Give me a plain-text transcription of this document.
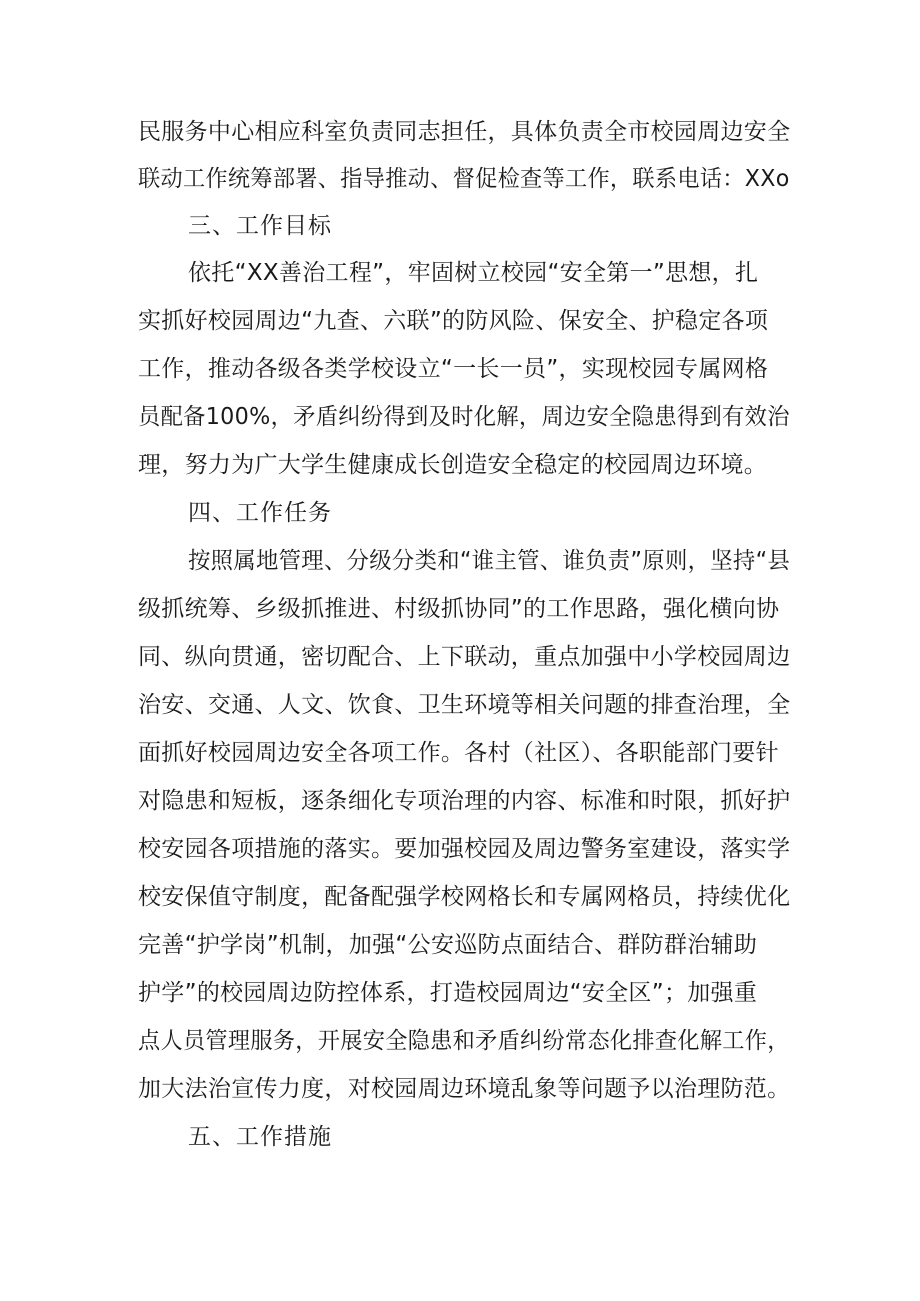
民服务中心相应科室负责同志担任，具体负责全市校园周边安全
联动工作统筹部署、指导推动、督促检查等工作，联系电话：XXo
三、工作目标
依托“XX善治工程”，牢固树立校园“安全第一”思想，扎
实抓好校园周边“九查、六联”的防风险、保安全、护稳定各项
工作，推动各级各类学校设立“一长一员”，实现校园专属网格
员配备100%，矛盾纠纷得到及时化解，周边安全隐患得到有效治
理，努力为广大学生健康成长创造安全稳定的校园周边环境。
四、工作任务
按照属地管理、分级分类和“谁主管、谁负责”原则，坚持“县
级抓统筹、乡级抓推进、村级抓协同”的工作思路，强化横向协
同、纵向贯通，密切配合、上下联动，重点加强中小学校园周边
治安、交通、人文、饮食、卫生环境等相关问题的排查治理，全
面抓好校园周边安全各项工作。各村（社区）、各职能部门要针
对隐患和短板，逐条细化专项治理的内容、标准和时限，抓好护
校安园各项措施的落实。要加强校园及周边警务室建设，落实学
校安保值守制度，配备配强学校网格长和专属网格员，持续优化
完善“护学岗”机制，加强“公安巡防点面结合、群防群治辅助
护学”的校园周边防控体系，打造校园周边“安全区”；加强重
点人员管理服务，开展安全隐患和矛盾纠纷常态化排查化解工作，
加大法治宣传力度，对校园周边环境乱象等问题予以治理防范。
五、工作措施
